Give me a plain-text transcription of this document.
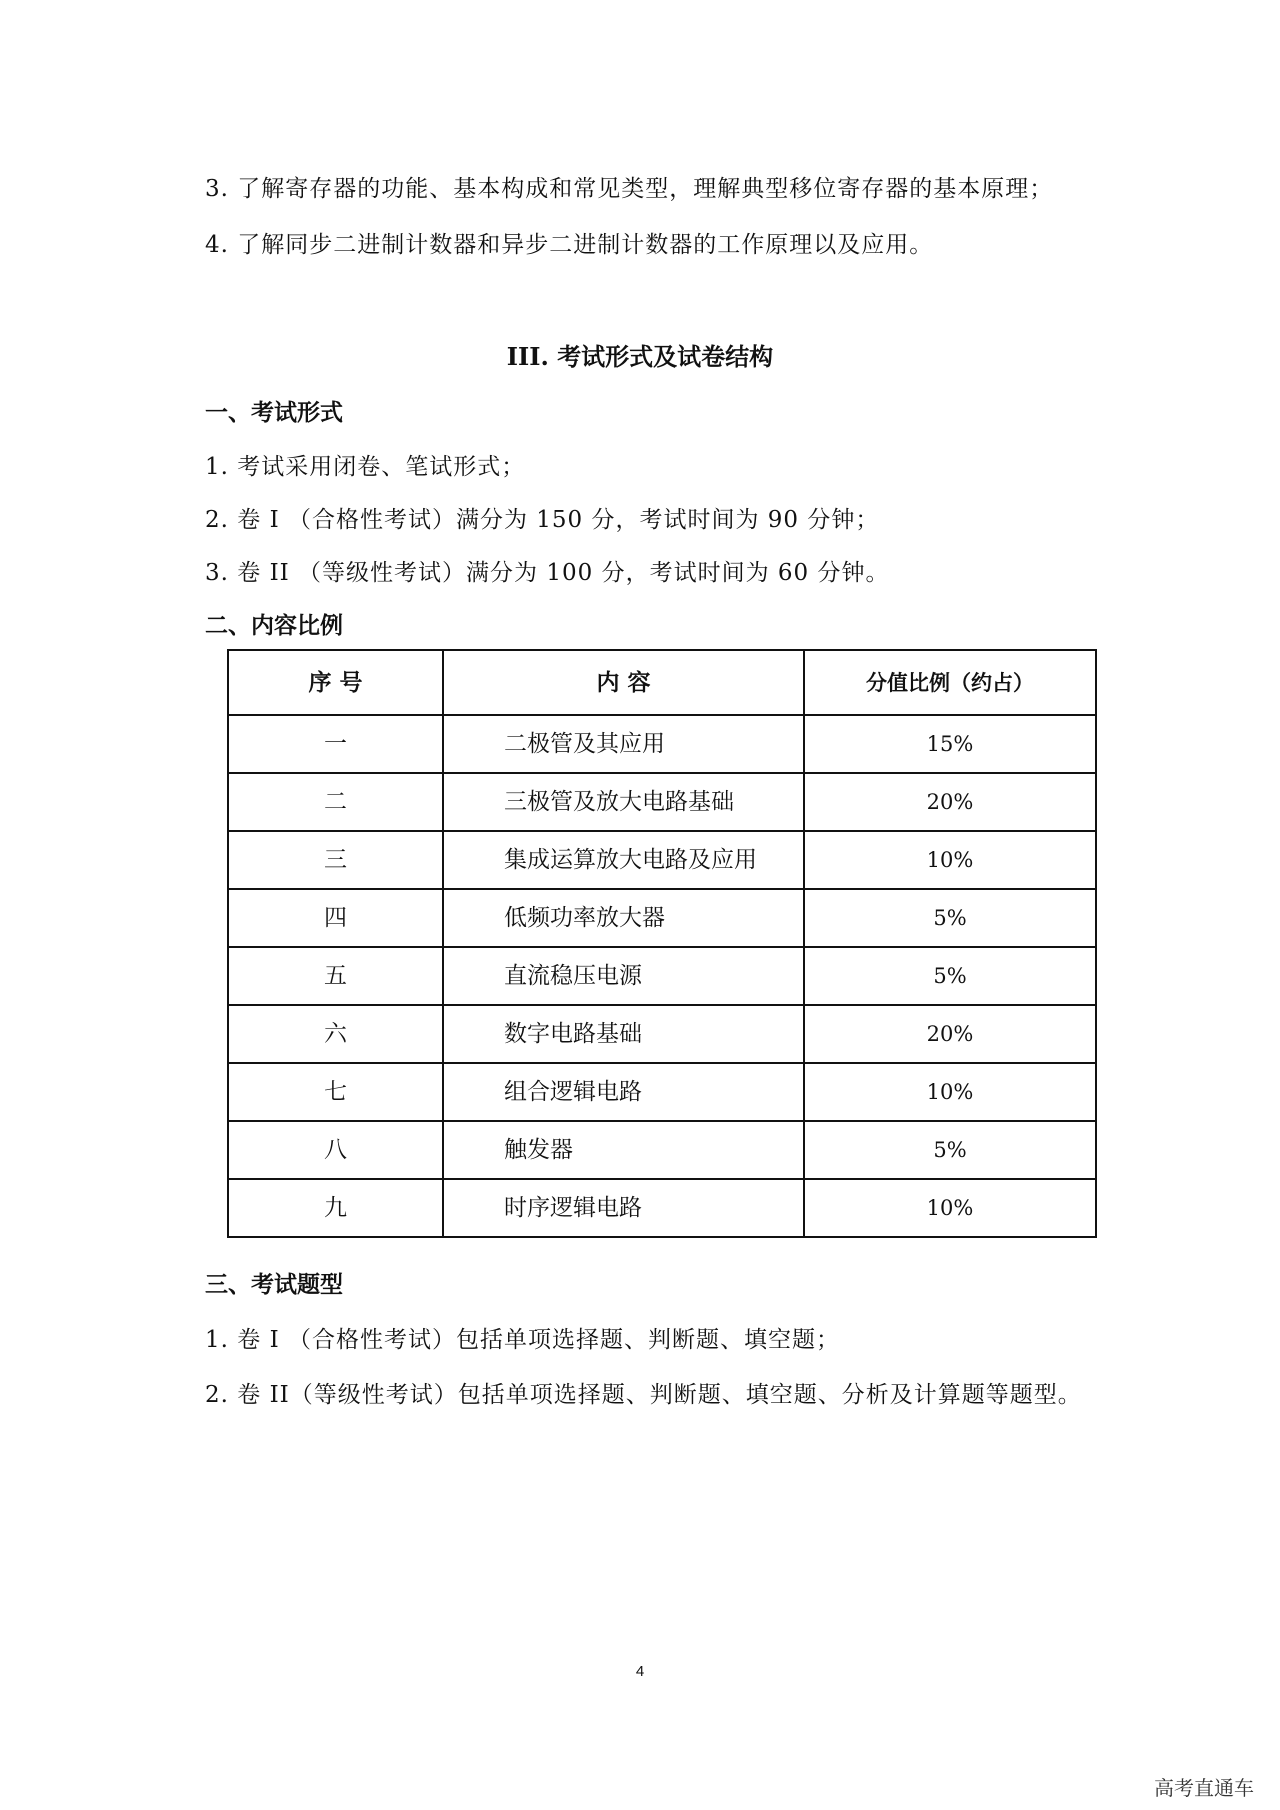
3. 了解寄存器的功能、基本构成和常见类型，理解典型移位寄存器的基本原理；
4. 了解同步二进制计数器和异步二进制计数器的工作原理以及应用。
III. 考试形式及试卷结构
一、考试形式
1. 考试采用闭卷、笔试形式；
2. 卷 I （合格性考试）满分为 150 分，考试时间为 90 分钟；
3. 卷 II （等级性考试）满分为 100 分，考试时间为 60 分钟。
二、内容比例
序 号	内 容	分值比例（约占）
一	二极管及其应用	15%
二	三极管及放大电路基础	20%
三	集成运算放大电路及应用	10%
四	低频功率放大器	5%
五	直流稳压电源	5%
六	数字电路基础	20%
七	组合逻辑电路	10%
八	触发器	5%
九	时序逻辑电路	10%
三、考试题型
1. 卷 I （合格性考试）包括单项选择题、判断题、填空题；
2. 卷 II（等级性考试）包括单项选择题、判断题、填空题、分析及计算题等题型。
4
高考直通车
